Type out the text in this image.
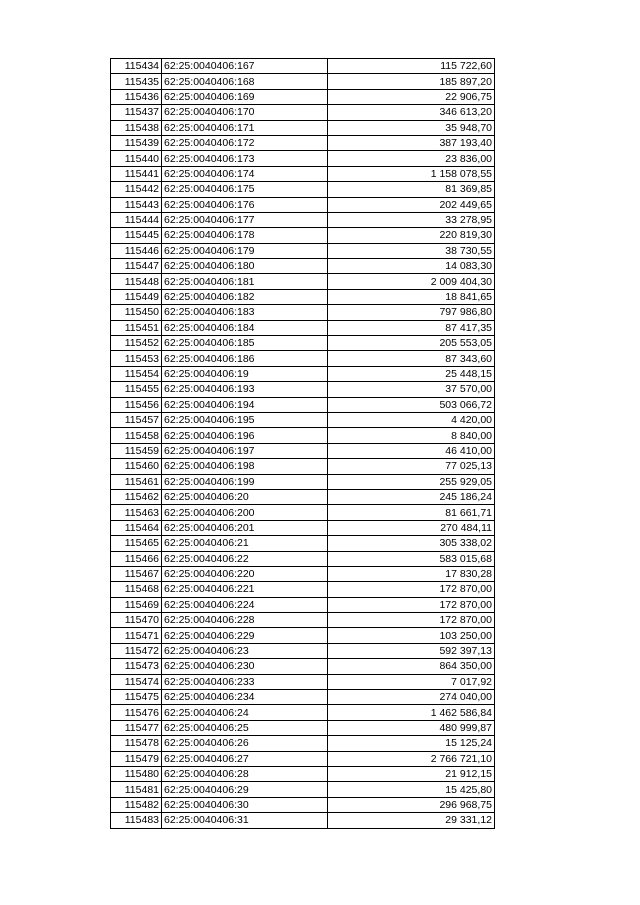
115434	62:25:0040406:167	115 722,60
115435	62:25:0040406:168	185 897,20
115436	62:25:0040406:169	22 906,75
115437	62:25:0040406:170	346 613,20
115438	62:25:0040406:171	35 948,70
115439	62:25:0040406:172	387 193,40
115440	62:25:0040406:173	23 836,00
115441	62:25:0040406:174	1 158 078,55
115442	62:25:0040406:175	81 369,85
115443	62:25:0040406:176	202 449,65
115444	62:25:0040406:177	33 278,95
115445	62:25:0040406:178	220 819,30
115446	62:25:0040406:179	38 730,55
115447	62:25:0040406:180	14 083,30
115448	62:25:0040406:181	2 009 404,30
115449	62:25:0040406:182	18 841,65
115450	62:25:0040406:183	797 986,80
115451	62:25:0040406:184	87 417,35
115452	62:25:0040406:185	205 553,05
115453	62:25:0040406:186	87 343,60
115454	62:25:0040406:19	25 448,15
115455	62:25:0040406:193	37 570,00
115456	62:25:0040406:194	503 066,72
115457	62:25:0040406:195	4 420,00
115458	62:25:0040406:196	8 840,00
115459	62:25:0040406:197	46 410,00
115460	62:25:0040406:198	77 025,13
115461	62:25:0040406:199	255 929,05
115462	62:25:0040406:20	245 186,24
115463	62:25:0040406:200	81 661,71
115464	62:25:0040406:201	270 484,11
115465	62:25:0040406:21	305 338,02
115466	62:25:0040406:22	583 015,68
115467	62:25:0040406:220	17 830,28
115468	62:25:0040406:221	172 870,00
115469	62:25:0040406:224	172 870,00
115470	62:25:0040406:228	172 870,00
115471	62:25:0040406:229	103 250,00
115472	62:25:0040406:23	592 397,13
115473	62:25:0040406:230	864 350,00
115474	62:25:0040406:233	7 017,92
115475	62:25:0040406:234	274 040,00
115476	62:25:0040406:24	1 462 586,84
115477	62:25:0040406:25	480 999,87
115478	62:25:0040406:26	15 125,24
115479	62:25:0040406:27	2 766 721,10
115480	62:25:0040406:28	21 912,15
115481	62:25:0040406:29	15 425,80
115482	62:25:0040406:30	296 968,75
115483	62:25:0040406:31	29 331,12
